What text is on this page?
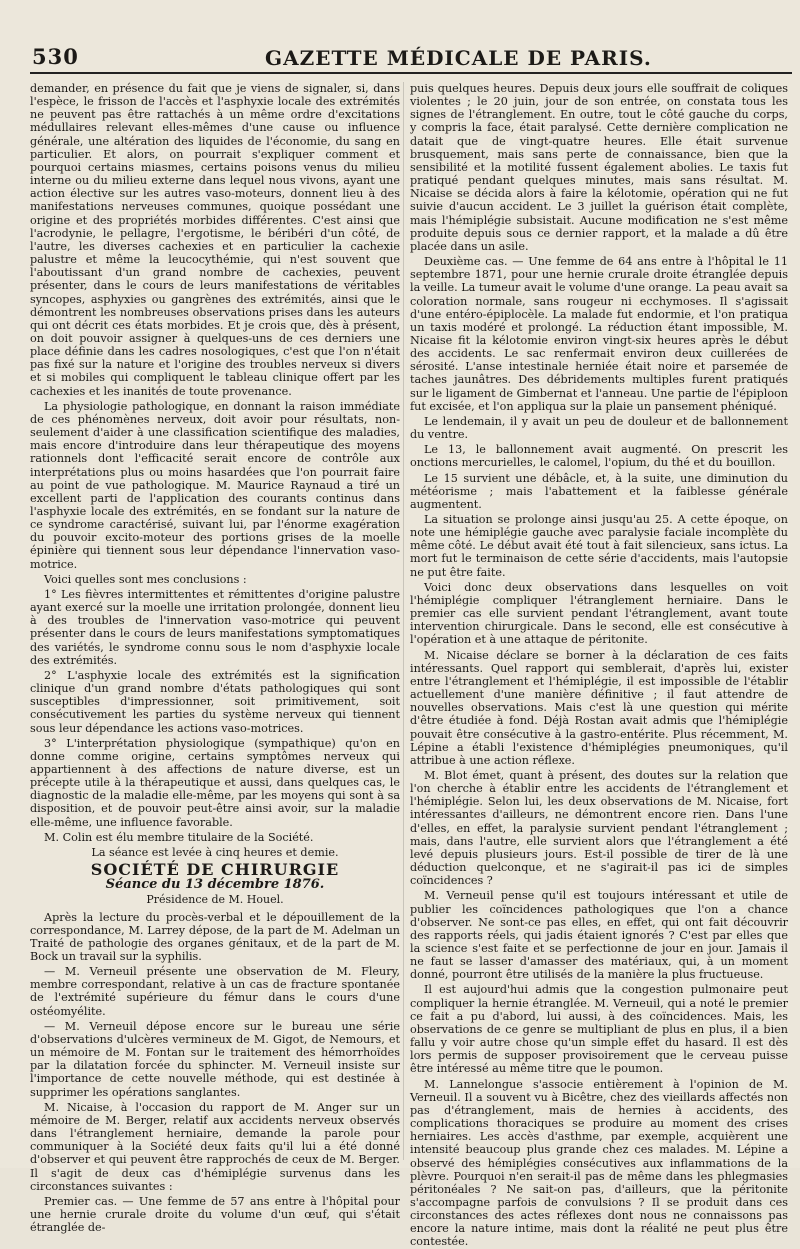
530	GAZETTE MÉDICALE DE PARIS.

demander, en présence du fait que je viens de signaler, si, dans l'espèce, le frisson de l'accès et l'asphyxie locale des extrémités ne peuvent pas être rattachés à un même ordre d'excitations médullaires relevant elles-mêmes d'une cause ou influence générale, une altération des liquides de l'économie, du sang en particulier. Et alors, on pourrait s'expliquer comment et pourquoi certains miasmes, certains poisons venus du milieu interne ou du milieu externe dans lequel nous vivons, ayant une action élective sur les autres vaso-moteurs, donnent lieu à des manifestations nerveuses communes, quoique possédant une origine et des propriétés morbides différentes. C'est ainsi que l'acrodynie, le pellagre, l'ergotisme, le béribéri d'un côté, de l'autre, les diverses cachexies et en particulier la cachexie palustre et même la leucocythémie, qui n'est souvent que l'aboutissant d'un grand nombre de cachexies, peuvent présenter, dans le cours de leurs manifestations de véritables syncopes, asphyxies ou gangrènes des extrémités, ainsi que le démontrent les nombreuses observations prises dans les auteurs qui ont décrit ces états morbides. Et je crois que, dès à présent, on doit pouvoir assigner à quelques-uns de ces derniers une place définie dans les cadres nosologiques, c'est que l'on n'était pas fixé sur la nature et l'origine des troubles nerveux si divers et si mobiles qui compliquent le tableau clinique offert par les cachexies et les inanités de toute provenance.

La physiologie pathologique, en donnant la raison immédiate de ces phénomènes nerveux, doit avoir pour résultats, non-seulement d'aider à une classification scientifique des maladies, mais encore d'introduire dans leur thérapeutique des moyens rationnels dont l'efficacité serait encore de contrôle aux interprétations plus ou moins hasardées que l'on pourrait faire au point de vue pathologique. M. Maurice Raynaud a tiré un excellent parti de l'application des courants continus dans l'asphyxie locale des extrémités, en se fondant sur la nature de ce syndrome caractérisé, suivant lui, par l'énorme exagération du pouvoir excito-moteur des portions grises de la moelle épinière qui tiennent sous leur dépendance l'innervation vaso-motrice.

Voici quelles sont mes conclusions :

1° Les fièvres intermittentes et rémittentes d'origine palustre ayant exercé sur la moelle une irritation prolongée, donnent lieu à des troubles de l'innervation vaso-motrice qui peuvent présenter dans le cours de leurs manifestations symptomatiques des variétés, le syndrome connu sous le nom d'asphyxie locale des extrémités.

2° L'asphyxie locale des extrémités est la signification clinique d'un grand nombre d'états pathologiques qui sont susceptibles d'impressionner, soit primitivement, soit consécutivement les parties du système nerveux qui tiennent sous leur dépendance les actions vaso-motrices.

3° L'interprétation physiologique (sympathique) qu'on en donne comme origine, certains symptômes nerveux qui appartiennent à des affections de nature diverse, est un précepte utile à la thérapeutique et aussi, dans quelques cas, le diagnostic de la maladie elle-même, par les moyens qui sont à sa disposition, et de pouvoir peut-être ainsi avoir, sur la maladie elle-même, une influence favorable.

M. Colin est élu membre titulaire de la Société.

La séance est levée à cinq heures et demie.

SOCIÉTÉ DE CHIRURGIE
Séance du 13 décembre 1876.
Présidence de M. Houel.

Après la lecture du procès-verbal et le dépouillement de la correspondance, M. Larrey dépose, de la part de M. Adelman un Traité de pathologie des organes génitaux, et de la part de M. Bock un travail sur la syphilis.

— M. Verneuil présente une observation de M. Fleury, membre correspondant, relative à un cas de fracture spontanée de l'extrémité supérieure du fémur dans le cours d'une ostéomyélite.

— M. Verneuil dépose encore sur le bureau une série d'observations d'ulcères vermineux de M. Gigot, de Nemours, et un mémoire de M. Fontan sur le traitement des hémorrhoïdes par la dilatation forcée du sphincter. M. Verneuil insiste sur l'importance de cette nouvelle méthode, qui est destinée à supprimer les opérations sanglantes.

M. Nicaise, à l'occasion du rapport de M. Anger sur un mémoire de M. Berger, relatif aux accidents nerveux observés dans l'étranglement herniaire, demande la parole pour communiquer à la Société deux faits qu'il lui a été donné d'observer et qui peuvent être rapprochés de ceux de M. Berger. Il s'agit de deux cas d'hémiplégie survenus dans les circonstances suivantes :

Premier cas. — Une femme de 57 ans entre à l'hôpital pour une hernie crurale droite du volume d'un œuf, qui s'était étranglée de-

puis quelques heures. Depuis deux jours elle souffrait de coliques violentes ; le 20 juin, jour de son entrée, on constata tous les signes de l'étranglement. En outre, tout le côté gauche du corps, y compris la face, était paralysé. Cette dernière complication ne datait que de vingt-quatre heures. Elle était survenue brusquement, mais sans perte de connaissance, bien que la sensibilité et la motilité fussent également abolies. Le taxis fut pratiqué pendant quelques minutes, mais sans résultat. M. Nicaise se décida alors à faire la kélotomie, opération qui ne fut suivie d'aucun accident. Le 3 juillet la guérison était complète, mais l'hémiplégie subsistait. Aucune modification ne s'est même produite depuis sous ce dernier rapport, et la malade a dû être placée dans un asile.

Deuxième cas. — Une femme de 64 ans entre à l'hôpital le 11 septembre 1871, pour une hernie crurale droite étranglée depuis la veille. La tumeur avait le volume d'une orange. La peau avait sa coloration normale, sans rougeur ni ecchymoses. Il s'agissait d'une entéro-épiplocèle. La malade fut endormie, et l'on pratiqua un taxis modéré et prolongé. La réduction étant impossible, M. Nicaise fit la kélotomie environ vingt-six heures après le début des accidents. Le sac renfermait environ deux cuillerées de sérosité. L'anse intestinale herniée était noire et parsemée de taches jaunâtres. Des débridements multiples furent pratiqués sur le ligament de Gimbernat et l'anneau. Une partie de l'épiploon fut excisée, et l'on appliqua sur la plaie un pansement phéniqué.

Le lendemain, il y avait un peu de douleur et de ballonnement du ventre.

Le 13, le ballonnement avait augmenté. On prescrit les onctions mercurielles, le calomel, l'opium, du thé et du bouillon.

Le 15 survient une débâcle, et, à la suite, une diminution du météorisme ; mais l'abattement et la faiblesse générale augmentent.

La situation se prolonge ainsi jusqu'au 25. A cette époque, on note une hémiplégie gauche avec paralysie faciale incomplète du même côté. Le début avait été tout à fait silencieux, sans ictus. La mort fut le terminaison de cette série d'accidents, mais l'autopsie ne put être faite.

Voici donc deux observations dans lesquelles on voit l'hémiplégie compliquer l'étranglement herniaire. Dans le premier cas elle survient pendant l'étranglement, avant toute intervention chirurgicale. Dans le second, elle est consécutive à l'opération et à une attaque de péritonite.

M. Nicaise déclare se borner à la déclaration de ces faits intéressants. Quel rapport qui semblerait, d'après lui, exister entre l'étranglement et l'hémiplégie, il est impossible de l'établir actuellement d'une manière définitive ; il faut attendre de nouvelles observations. Mais c'est là une question qui mérite d'être étudiée à fond. Déjà Rostan avait admis que l'hémiplégie pouvait être consécutive à la gastro-entérite. Plus récemment, M. Lépine a établi l'existence d'hémiplégies pneumoniques, qu'il attribue à une action réflexe.

M. Blot émet, quant à présent, des doutes sur la relation que l'on cherche à établir entre les accidents de l'étranglement et l'hémiplégie. Selon lui, les deux observations de M. Nicaise, fort intéressantes d'ailleurs, ne démontrent encore rien. Dans l'une d'elles, en effet, la paralysie survient pendant l'étranglement ; mais, dans l'autre, elle survient alors que l'étranglement a été levé depuis plusieurs jours. Est-il possible de tirer de là une déduction quelconque, et ne s'agirait-il pas ici de simples coïncidences ?

M. Verneuil pense qu'il est toujours intéressant et utile de publier les coïncidences pathologiques que l'on a chance d'observer. Ne sont-ce pas elles, en effet, qui ont fait découvrir des rapports réels, qui jadis étaient ignorés ? C'est par elles que la science s'est faite et se perfectionne de jour en jour. Jamais il ne faut se lasser d'amasser des matériaux, qui, à un moment donné, pourront être utilisés de la manière la plus fructueuse.

Il est aujourd'hui admis que la congestion pulmonaire peut compliquer la hernie étranglée. M. Verneuil, qui a noté le premier ce fait a pu d'abord, lui aussi, à des coïncidences. Mais, les observations de ce genre se multipliant de plus en plus, il a bien fallu y voir autre chose qu'un simple effet du hasard. Il est dès lors permis de supposer provisoirement que le cerveau puisse être intéressé au même titre que le poumon.

M. Lannelongue s'associe entièrement à l'opinion de M. Verneuil. Il a souvent vu à Bicêtre, chez des vieillards affectés non pas d'étranglement, mais de hernies à accidents, des complications thoraciques se produire au moment des crises herniaires. Les accès d'asthme, par exemple, acquièrent une intensité beaucoup plus grande chez ces malades. M. Lépine a observé des hémiplégies consécutives aux inflammations de la plèvre. Pourquoi n'en serait-il pas de même dans les phlegmasies péritonéales ? Ne sait-on pas, d'ailleurs, que la péritonite s'accompagne parfois de convulsions ? Il se produit dans ces circonstances des actes réflexes dont nous ne connaissons pas encore la nature intime, mais dont la réalité ne peut plus être contestée.
